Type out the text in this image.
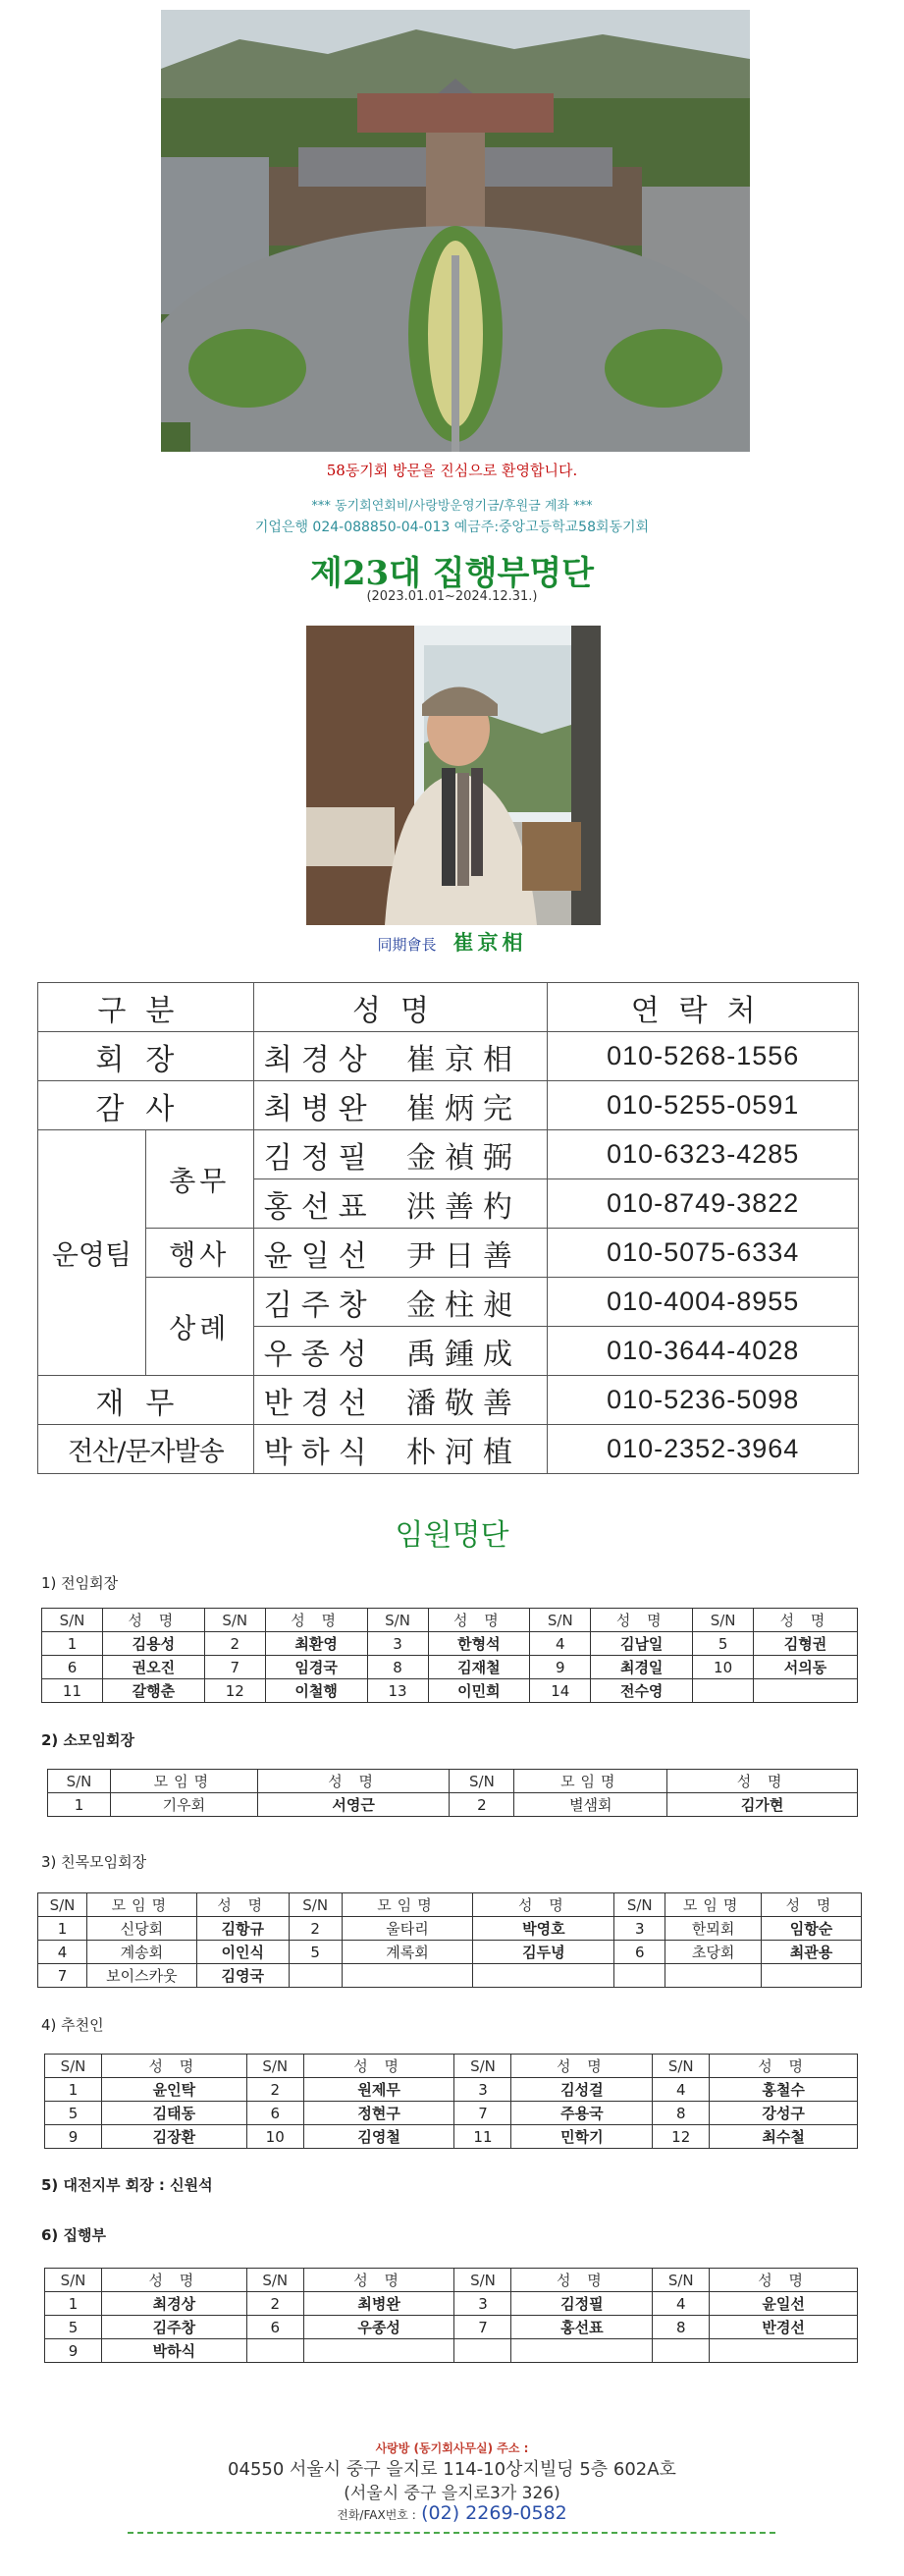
58동기회 방문을 진심으로 환영합니다.
*** 동기회연회비/사랑방운영기금/후원금 계좌 ***
기업은행 024-088850-04-013 예금주:중앙고등학교58회동기회
제23대 집행부명단
(2023.01.01~2024.12.31.)
同期會長 崔京相
구분		성명		연락처
회장		최경상	崔京相	010-5268-1556
감사		최병완	崔炳完	010-5255-0591
운영팀	총무	김정필	金禎弼	010-6323-4285
		홍선표	洪善杓	010-8749-3822
	행사	윤일선	尹日善	010-5075-6334
	상례	김주창	金柱昶	010-4004-8955
		우종성	禹鍾成	010-3644-4028
재무		반경선	潘敬善	010-5236-5098
전산/문자발송		박하식	朴河植	010-2352-3964
임원명단
1) 전임회장
S/N	성 명	S/N	성 명	S/N	성 명	S/N	성 명	S/N	성 명
1	김용성	2	최환영	3	한형석	4	김남일	5	김형권
6	권오진	7	임경국	8	김재철	9	최경일	10	서의동
11	갈행춘	12	이철행	13	이민희	14	전수영		
2) 소모임회장
S/N	모임명	성 명	S/N	모임명	성 명
1	기우회	서영근	2	별샘회	김가현
3) 친목모임회장
S/N	모임명	성 명	S/N	모임명	성 명	S/N	모임명	성 명
1	신당회	김항규	2	울타리	박영호	3	한뫼회	임항순
4	계송회	이인식	5	계록회	김두녕	6	초당회	최관용
7	보이스카웃	김영국						
4) 추천인
S/N	성 명	S/N	성 명	S/N	성 명	S/N	성 명
1	윤인탁	2	원제무	3	김성걸	4	홍철수
5	김태동	6	정현구	7	주용국	8	강성구
9	김장환	10	김영철	11	민학기	12	최수철
5) 대전지부 회장 : 신원석
6) 집행부
S/N	성 명	S/N	성 명	S/N	성 명	S/N	성 명
1	최경상	2	최병완	3	김정필	4	윤일선
5	김주창	6	우종성	7	홍선표	8	반경선
9	박하식						
사랑방 (동기회사무실) 주소 :
04550 서울시 중구 을지로 114-10상지빌딩 5층 602A호
(서울시 중구 을지로3가 326)
전화/FAX번호 : (02) 2269-0582
